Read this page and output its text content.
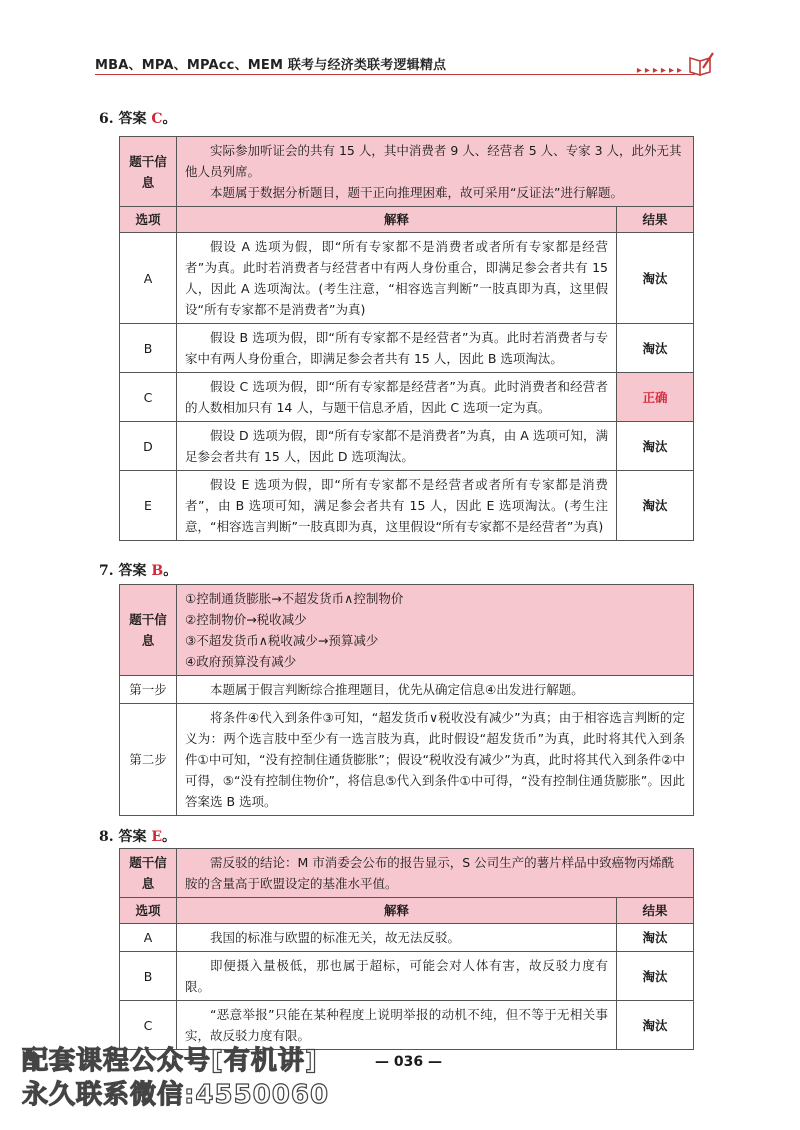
MBA、MPA、MPAcc、MEM 联考与经济类联考逻辑精点	▸▸▸▸▸▸
6. 答案 C。
题干信息	实际参加听证会的共有 15 人，其中消费者 9 人、经营者 5 人、专家 3 人，此外无其他人员列席。
本题属于数据分析题目，题干正向推理困难，故可采用“反证法”进行解题。	

选项	解释	结果
A	假设 A 选项为假，即“所有专家都不是消费者或者所有专家都是经营者”为真。此时若消费者与经营者中有两人身份重合，即满足参会者共有 15 人，因此 A 选项淘汰。(考生注意，“相容选言判断”一肢真即为真，这里假设“所有专家都不是消费者”为真)	淘汰
B	假设 B 选项为假，即“所有专家都不是经营者”为真。此时若消费者与专家中有两人身份重合，即满足参会者共有 15 人，因此 B 选项淘汰。	淘汰
C	假设 C 选项为假，即“所有专家都是经营者”为真。此时消费者和经营者的人数相加只有 14 人，与题干信息矛盾，因此 C 选项一定为真。	正确
D	假设 D 选项为假，即“所有专家都不是消费者”为真，由 A 选项可知，满足参会者共有 15 人，因此 D 选项淘汰。	淘汰
E	假设 E 选项为假，即“所有专家都不是经营者或者所有专家都是消费者”，由 B 选项可知，满足参会者共有 15 人，因此 E 选项淘汰。(考生注意，“相容选言判断”一肢真即为真，这里假设“所有专家都不是经营者”为真)	淘汰
7. 答案 B。
题干信息	①控制通货膨胀→不超发货币∧控制物价
②控制物价→税收减少
③不超发货币∧税收减少→预算减少
④政府预算没有减少

第一步	本题属于假言判断综合推理题目，优先从确定信息④出发进行解题。
第二步	将条件④代入到条件③可知，“超发货币∨税收没有减少”为真；由于相容选言判断的定义为：两个选言肢中至少有一选言肢为真，此时假设“超发货币”为真，此时将其代入到条件①中可知，“没有控制住通货膨胀”；假设“税收没有减少”为真，此时将其代入到条件②中可得，⑤“没有控制住物价”，将信息⑤代入到条件①中可得，“没有控制住通货膨胀”。因此答案选 B 选项。
8. 答案 E。
题干信息	需反驳的结论：M 市消委会公布的报告显示，S 公司生产的薯片样品中致癌物丙烯酰胺的含量高于欧盟设定的基准水平值。	

选项	解释	结果
A	我国的标准与欧盟的标准无关，故无法反驳。	淘汰
B	即便摄入量极低，那也属于超标，可能会对人体有害，故反驳力度有限。	淘汰
C	“恶意举报”只能在某种程度上说明举报的动机不纯，但不等于无相关事实，故反驳力度有限。	淘汰
— 036 —
配套课程公众号[有机讲]
永久联系微信:4550060
